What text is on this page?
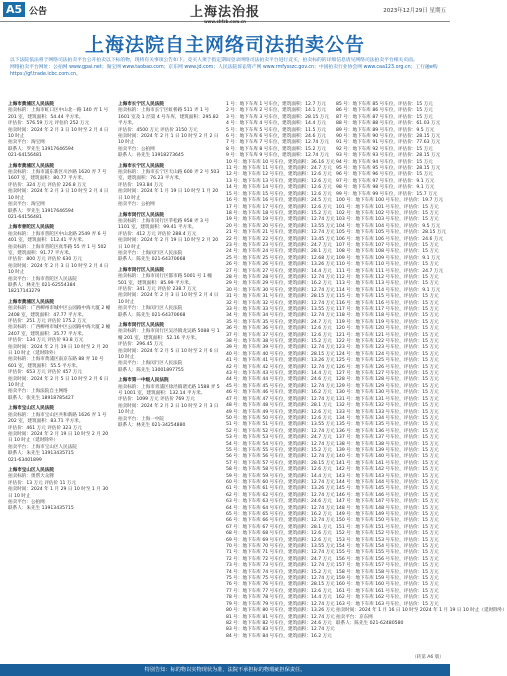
A5 公告	上海法治报
www.shfzb.com.cn
2023年12月29日 星期五
上海法院自主网络司法拍卖公告

以下法院依法将于网络司法拍卖平台公开拍卖以下标的物，现将有关事项公告如下。竞买人须于指定期间登录网络司法拍卖平台进行竞买，拍卖标的的详细信息请见网络司法拍卖平台相关页面。

网络拍卖平台网址：公拍网 www.gpai.net；淘宝网 www.taobao.com；京东网 www.jd.com；人民法院诉讼资产网 www.rmfysszc.gov.cn；中国拍卖行业协会网 www.caa123.org.cn；工行融e购 https://gf.trade.icbc.com.cn。

上海市黄浦区人民法院
拍卖标的：上海市虹口区中山北一路 140 弄 1 号 201 室，建筑面积：54.44 平方米。
评估价：576.59 万元 评估价 252 万元
拍卖时间：2024 年 2 月 3 日 10 时至 2 月 4 日 10 时止
拍卖平台：淘宝网
联系人：罗先生 13917646594
021-64156481
上海市黄浦区人民法院
拍卖标的：上海市浦东新区川沙路 1620 弄 7 号 1607 室，建筑面积：80.77 平方米。
评估价：324 万元 评估价 226.8 万元
拍卖时间：2024 年 2 月 3 日 10 时至 2 月 4 日 10 时止
拍卖平台：淘宝网
联系人：罗先生 13917646594
021-64156481
上海市普陀区人民法院
拍卖标的：上海市普陀区中山北路 2549 弄 6 号 401 室，建筑面积：112.41 平方米。
拍卖标的：上海市普陀区真华路 55 弄 1 号 502 室，建筑面积：91.77 平方米。
评估价：800 万元 评估价 630 万元
拍卖时间：2024 年 2 月 3 日 10 时至 2 月 4 日 10 时止
拍卖平台：上海市普陀区人民法院
联系人：林先生 021-62554384
18217143279
上海市黄浦区人民法院
拍卖标的：广西柳州市城中区公园路中海大厦 2 幢 2408 室，建筑面积：47.77 平方米。
评估价：251 万元 评估价 175.2 万元
拍卖标的：广西柳州市城中区公园路中海大厦 2 幢 2407 室，建筑面积：35.77 平方米。
评估价：134 万元 评估价 93.8 万元
拍卖时间：2024 年 2 月 19 日 10 时至 2 月 20 日 10 时止（延时除外）
拍卖标的：上海市黄浦区南京东路 88 弄 10 号 601 室，建筑面积：55.5 平方米。
评估价：653 万元 评估价 457 万元
拍卖时间：2024 年 2 月 5 日 10 时至 2 月 6 日 10 时止
拍卖平台：上海法院自主网络
联系人：张先生 18918785427
上海市宝山区人民法院
拍卖标的：上海市宝山区共和新路 1626 弄 1 号 202 室，建筑面积：83.71 平方米。
评估价：461 万元 评估价 323 万元
拍卖时间：2024 年 2 月 19 日 10 时至 2 月 20 日 10 时止（延时除外）
拍卖平台：上海市宝山区人民法院
联系人：朱先生 13913435715
021-63401899
上海市宝山区人民法院
拍卖标的：奥帮大众牌
评估价：13 万元 评估价 11 万元
拍卖时间：2024 年 1 月 29 日 10 时至 1 月 30 日 10 时止
拍卖平台：公拍网
联系人：朱先生 13913435715
上海市长宁区人民法院
拍卖标的：上海市长宁区虹桥路 511 弄 1 号 1601 室及 1 层第 4 号车库，建筑面积：295.82 平方米。
评估价：4500 万元 评估价 3150 万元
拍卖时间：2024 年 2 月 1 日 10 时至 2 月 2 日 10 时止
拍卖平台：公拍网
联系人：孙先生 13918273645
上海市长宁区人民法院
拍卖标的：上海市长宁区天山路 600 弄 2 号 503 室，建筑面积：76.23 平方米。
评估价：193.84 万元
拍卖时间：2024 年 1 月 19 日 10 时至 1 月 20 日 10 时止
拍卖平台：公拍网
上海市闵行区人民法院
拍卖标的：上海市闵行区莘松路 958 弄 3 号 1101 室，建筑面积：99.41 平方米。
评估价：412 万元 评估价 288.4 万元
拍卖时间：2024 年 2 月 19 日 10 时至 2 月 20 日 10 时止
拍卖平台：上海闵行区人民法院
联系人：陈先生 021-64370668
上海市闵行区人民法院
拍卖标的：上海市闵行区都市路 5001 号 1 幢 501 室，建筑面积：85.99 平方米。
评估价：341 万元 评估价 238.7 万元
拍卖时间：2024 年 2 月 3 日 10 时至 2 月 4 日 10 时止
拍卖平台：上海闵行区人民法院
联系人：陈先生 021-64370668
上海市闵行区人民法院
拍卖标的：上海市闵行区吴泾镇龙吴路 5088 号 1 幢 201 室，建筑面积：52.16 平方米。
评估价：296.45 万元
拍卖时间：2024 年 2 月 5 日 10 时至 2 月 6 日 10 时止
拍卖平台：上海闵行区人民法院
联系人：陈先生 13001897755
上海市第一中级人民法院
拍卖标的：上海市青浦区徐泾镇诸光路 1588 弄 5 号 1001 室，建筑面积：132.14 平方米。
评估价：1099 万元 评估价 769 万元
拍卖时间：2024 年 2 月 2 日 10 时至 2 月 3 日 10 时止
拍卖平台：上海一中院
联系人：林先生 021-34254880
1 号：地下车库 1 号车位，建筑面积：12.7 万元
2 号：地下车库 2 号车位，建筑面积：14.1 万元
3 号：地下车库 3 号车位，建筑面积：28.15 万元
4 号：地下车库 4 号车位，建筑面积：14.4 万元
5 号：地下车库 5 号车位，建筑面积：11.5 万元
6 号：地下车库 6 号车位，建筑面积：24.6 万元
7 号：地下车库 7 号车位，建筑面积：12.74 万元
8 号：地下车库 8 号车位，建筑面积：15.2 万元
9 号：地下车库 9 号车位，建筑面积：12.74 万元
10 号：地下车库 10 号车位，建筑面积：36.16 万元
11 号：地下车库 11 号车位，建筑面积：24.7 万元
12 号：地下车库 12 号车位，建筑面积：12.6 万元
13 号：地下车库 13 号车位，建筑面积：12.6 万元
14 号：地下车库 14 号车位，建筑面积：12.6 万元
15 号：地下车库 15 号车位，建筑面积：12.6 万元
16 号：地下车库 16 号车位，建筑面积：24.5 万元
17 号：地下车库 17 号车位，建筑面积：12.6 万元
18 号：地下车库 18 号车位，建筑面积：15.2 万元
19 号：地下车库 19 号车位，建筑面积：12.74 万元
20 号：地下车库 20 号车位，建筑面积：13.55 万元
21 号：地下车库 21 号车位，建筑面积：12.74 万元
22 号：地下车库 22 号车位，建筑面积：13.45 万元
23 号：地下车库 23 号车位，建筑面积：24.7 万元
24 号：地下车库 24 号车位，建筑面积：28.1 万元
25 号：地下车库 25 号车位，建筑面积：12.68 万元
26 号：地下车库 26 号车位，建筑面积：13.26 万元
27 号：地下车库 27 号车位，建筑面积：14.4 万元
28 号：地下车库 28 号车位，建筑面积：12.74 万元
29 号：地下车库 29 号车位，建筑面积：16.2 万元
30 号：地下车库 30 号车位，建筑面积：12.74 万元
31 号：地下车库 31 号车位，建筑面积：28.15 万元
32 号：地下车库 32 号车位，建筑面积：12.74 万元
33 号：地下车库 33 号车位，建筑面积：13.55 万元
34 号：地下车库 34 号车位，建筑面积：12.74 万元
35 号：地下车库 35 号车位，建筑面积：24.7 万元
36 号：地下车库 36 号车位，建筑面积：12.6 万元
37 号：地下车库 37 号车位，建筑面积：12.6 万元
38 号：地下车库 38 号车位，建筑面积：15.2 万元
39 号：地下车库 39 号车位，建筑面积：12.74 万元
40 号：地下车库 40 号车位，建筑面积：28.15 万元
41 号：地下车库 41 号车位，建筑面积：13.26 万元
42 号：地下车库 42 号车位，建筑面积：12.74 万元
43 号：地下车库 43 号车位，建筑面积：14.4 万元
44 号：地下车库 44 号车位，建筑面积：24.6 万元
45 号：地下车库 45 号车位，建筑面积：12.74 万元
46 号：地下车库 46 号车位，建筑面积：16.2 万元
47 号：地下车库 47 号车位，建筑面积：12.74 万元
48 号：地下车库 48 号车位，建筑面积：28.1 万元
49 号：地下车库 49 号车位，建筑面积：12.6 万元
50 号：地下车库 50 号车位，建筑面积：12.6 万元
51 号：地下车库 51 号车位，建筑面积：13.55 万元
52 号：地下车库 52 号车位，建筑面积：12.74 万元
53 号：地下车库 53 号车位，建筑面积：24.7 万元
54 号：地下车库 54 号车位，建筑面积：12.74 万元
55 号：地下车库 55 号车位，建筑面积：15.2 万元
56 号：地下车库 56 号车位，建筑面积：12.74 万元
57 号：地下车库 57 号车位，建筑面积：28.15 万元
58 号：地下车库 58 号车位，建筑面积：12.6 万元
59 号：地下车库 59 号车位，建筑面积：14.4 万元
60 号：地下车库 60 号车位，建筑面积：12.74 万元
61 号：地下车库 61 号车位，建筑面积：13.26 万元
62 号：地下车库 62 号车位，建筑面积：12.74 万元
63 号：地下车库 63 号车位，建筑面积：24.6 万元
64 号：地下车库 64 号车位，建筑面积：12.74 万元
65 号：地下车库 65 号车位，建筑面积：16.2 万元
66 号：地下车库 66 号车位，建筑面积：12.74 万元
67 号：地下车库 67 号车位，建筑面积：28.1 万元
68 号：地下车库 68 号车位，建筑面积：12.6 万元
69 号：地下车库 69 号车位，建筑面积：12.6 万元
70 号：地下车库 70 号车位，建筑面积：13.55 万元
71 号：地下车库 71 号车位，建筑面积：12.74 万元
72 号：地下车库 72 号车位，建筑面积：24.7 万元
73 号：地下车库 73 号车位，建筑面积：12.74 万元
74 号：地下车库 74 号车位，建筑面积：15.2 万元
75 号：地下车库 75 号车位，建筑面积：12.74 万元
76 号：地下车库 76 号车位，建筑面积：28.15 万元
77 号：地下车库 77 号车位，建筑面积：12.6 万元
78 号：地下车库 78 号车位，建筑面积：14.4 万元
79 号：地下车库 79 号车位，建筑面积：12.74 万元
80 号：地下车库 80 号车位，建筑面积：13.26 万元
81 号：地下车库 81 号车位，建筑面积：12.74 万元
82 号：地下车库 82 号车位，建筑面积：24.6 万元
83 号：地下车库 83 号车位，建筑面积：12.74 万元
84 号：地下车库 84 号车位，建筑面积：16.2 万元
85 号：地下车库 85 号车位，评估价：15 万元
86 号：地下车库 86 号车位，评估价：15 万元
87 号：地下车库 87 号车位，评估价：15 万元
88 号：地下车库 88 号车位，评估价：61.03 万元
89 号：地下车库 89 号车位，评估价：9.5 万元
90 号：地下车库 90 号车位，评估价：28.15 万元
91 号：地下车库 91 号车位，评估价：77.63 万元
92 号：地下车库 92 号车位，评估价：15 万元
93 号：地下车库 93 号车位，评估价：28.15 万元
94 号：地下车库 94 号车位，评估价：15 万元
95 号：地下车库 95 号车位，评估价：28.15 万元
96 号：地下车库 96 号车位，评估价：15 万元
97 号：地下车库 97 号车位，评估价：9.1 万元
98 号：地下车库 98 号车位，评估价：9.1 万元
99 号：地下车库 99 号车位，评估价：15.7 万元
100 号：地下车库 100 号车位，评估价：19.7 万元
101 号：地下车库 101 号车位，评估价：15 万元
102 号：地下车库 102 号车位，评估价：15 万元
103 号：地下车库 103 号车位，评估价：15 万元
104 号：地下车库 104 号车位，评估价：9.5 万元
105 号：地下车库 105 号车位，评估价：28.15 万元
106 号：地下车库 106 号车位，评估价：24.6 万元
107 号：地下车库 107 号车位，评估价：15 万元
108 号：地下车库 108 号车位，评估价：15 万元
109 号：地下车库 109 号车位，评估价：9.1 万元
110 号：地下车库 110 号车位，评估价：15 万元
111 号：地下车库 111 号车位，评估价：24.7 万元
112 号：地下车库 112 号车位，评估价：15 万元
113 号：地下车库 113 号车位，评估价：15 万元
114 号：地下车库 114 号车位，评估价：9.1 万元
115 号：地下车库 115 号车位，评估价：15 万元
116 号：地下车库 116 号车位，评估价：15 万元
117 号：地下车库 117 号车位，评估价：15 万元
118 号：地下车库 118 号车位，评估价：15 万元
119 号：地下车库 119 号车位，评估价：15 万元
120 号：地下车库 120 号车位，评估价：15 万元
121 号：地下车库 121 号车位，评估价：15 万元
122 号：地下车库 122 号车位，评估价：15 万元
123 号：地下车库 123 号车位，评估价：15 万元
124 号：地下车库 124 号车位，评估价：15 万元
125 号：地下车库 125 号车位，评估价：15 万元
126 号：地下车库 126 号车位，评估价：15 万元
127 号：地下车库 127 号车位，评估价：15 万元
128 号：地下车库 128 号车位，评估价：15 万元
129 号：地下车库 129 号车位，评估价：15 万元
130 号：地下车库 130 号车位，评估价：15 万元
131 号：地下车库 131 号车位，评估价：15 万元
132 号：地下车库 132 号车位，评估价：15 万元
133 号：地下车库 133 号车位，评估价：15 万元
134 号：地下车库 134 号车位，评估价：15 万元
135 号：地下车库 135 号车位，评估价：15 万元
136 号：地下车库 136 号车位，评估价：15 万元
137 号：地下车库 137 号车位，评估价：15 万元
138 号：地下车库 138 号车位，评估价：15 万元
139 号：地下车库 139 号车位，评估价：15 万元
140 号：地下车库 140 号车位，评估价：15 万元
141 号：地下车库 141 号车位，评估价：15 万元
142 号：地下车库 142 号车位，评估价：15 万元
143 号：地下车库 143 号车位，评估价：15 万元
144 号：地下车库 144 号车位，评估价：15 万元
145 号：地下车库 145 号车位，评估价：15 万元
146 号：地下车库 146 号车位，评估价：15 万元
147 号：地下车库 147 号车位，评估价：15 万元
148 号：地下车库 148 号车位，评估价：15 万元
149 号：地下车库 149 号车位，评估价：15 万元
150 号：地下车库 150 号车位，评估价：15 万元
151 号：地下车库 151 号车位，评估价：15 万元
152 号：地下车库 152 号车位，评估价：15 万元
153 号：地下车库 153 号车位，评估价：15 万元
154 号：地下车库 154 号车位，评估价：15 万元
155 号：地下车库 155 号车位，评估价：15 万元
156 号：地下车库 156 号车位，评估价：15 万元
157 号：地下车库 157 号车位，评估价：15 万元
158 号：地下车库 158 号车位，评估价：15 万元
159 号：地下车库 159 号车位，评估价：15 万元
160 号：地下车库 160 号车位，评估价：15 万元
161 号：地下车库 161 号车位，评估价：15 万元
162 号：地下车库 162 号车位，评估价：15 万元
163 号：地下车库 163 号车位，评估价：15 万元
拍卖时间：2024 年 1 月 16 日 10 时至 2024 年 1 月 19 日 10 时止（延时除外）
拍卖平台：京东网
联系人：陈先生 021-62480580
（转第 A6 版）
特别告知：标的物以实物现状为准，法院不承担标的物瑕疵担保责任。
